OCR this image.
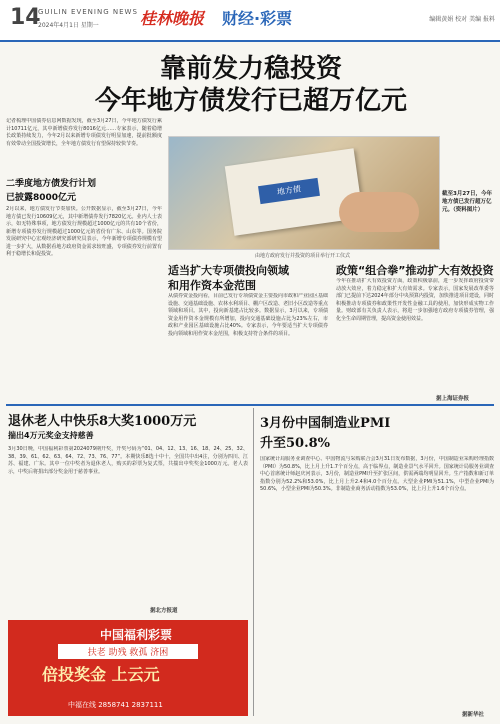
14
GUILIN EVENING NEWS
2024年4月1日 星期一	桂林晚报 财经·彩票	编辑黄娟 校对 美编 报料
靠前发力稳投资
今年地方债发行已超万亿元
记者梳理中国债券信息网数据发现，截至3月27日，今年地方债发行累计10711亿元，其中新增债券发行8016亿元……专家表示，随着稳增长政策持续发力，今年2月以来新增专项债发行明显加速，提前批额度有效带动全国投资增长，全年地方债发行有望保持较快节奏。
二季度地方债发行计划
已披露8000亿元
2月以来，地方债发行节奏加快。公开数据显示，截至3月27日，今年地方债已发行10609亿元，其中新增债券发行7820亿元。业内人士表示，如无特殊事项，地方债发行规模超过1000亿元的共有10个省份，新增专项债券发行规模超过1000亿元的省份有广东、山东等。国务院发展研究中心宏观经济研究部研究员表示，今年新增专项债券规模有望进一步扩大，从数据看地方政府资金需求较旺盛，专项债券发行前置有利于稳增长和促投资。
地方债	截至3月27日，今年地方债已发行超万亿元。（资料图片）
由地方政府发行并投资的项目举行开工仪式
适当扩大专项债投向领域
和用作资本金范围
从债券资金投向看，目前已发行专项债资金主要投向市政和产业园区基础设施、交通基础设施、农林水利项目、棚户区改造、老旧小区改造等重点领域和项目。其中，投向新基建占比较多。数据显示，3月以来，专项债资金用作资本金规模有所增加，投向交通基础设施占比为23%左右，市政和产业园区基础设施占比40%。专家表示，今年要适当扩大专项债券投向领域和用作资本金范围，积极支持符合条件的项目。
政策“组合拳”推动扩大有效投资
今年在推动扩大有效投资方面，政策积极靠前，进一步发挥政府投资带动放大效应，着力稳定和扩大有效需求。专家表示，国家发展改革委等部门已提前下达2024年部分中央预算内投资，加快推进项目建设，同时积极推动专项债券和政策性开发性金融工具的使用，加快形成实物工作量。财政部有关负责人表示，将进一步加强地方政府专项债券管理，强化全生命周期管理，提高资金使用效益。
据上海证券报
退休老人中快乐8大奖1000万元
揣出4万元奖金支持慈善
3月30日晚，中国福利彩票第2024079期开奖，开奖号码为“01、04、12、13、16、18、24、25、32、38、39、61、62、63、64、72、73、76、77”。本期快乐8选十中十，全国共中出4注，分别为四川、江苏、福建、广东。其中一位中奖者为退休老人，购买的彩票为复式票，共揣出中奖奖金1000万元。老人表示，中奖后将捐出部分奖金用于慈善事业。
据北方报道
中国福利彩票
扶老 助残 救孤 济困
倍投奖金 上云元
中福在线 2858741 2837111
3月份中国制造业PMI
升至50.8%
国家统计局服务业调查中心、中国物流与采购联合会3月31日发布数据，3月份，中国制造业采购经理指数（PMI）为50.8%，比上月上升1.7个百分点，高于临界点，制造业景气水平回升。国家统计局服务业调查中心首席统计师赵庆河表示，3月份，制造业PMI升至扩张区间，供需两端均明显回升。生产指数和新订单指数分别为52.2%和53.0%，比上月上升2.4和4.0个百分点。大型企业PMI为51.1%，中型企业PMI为50.6%，小型企业PMI为50.3%。非制造业商务活动指数为53.0%，比上月上升1.6个百分点。
据新华社
